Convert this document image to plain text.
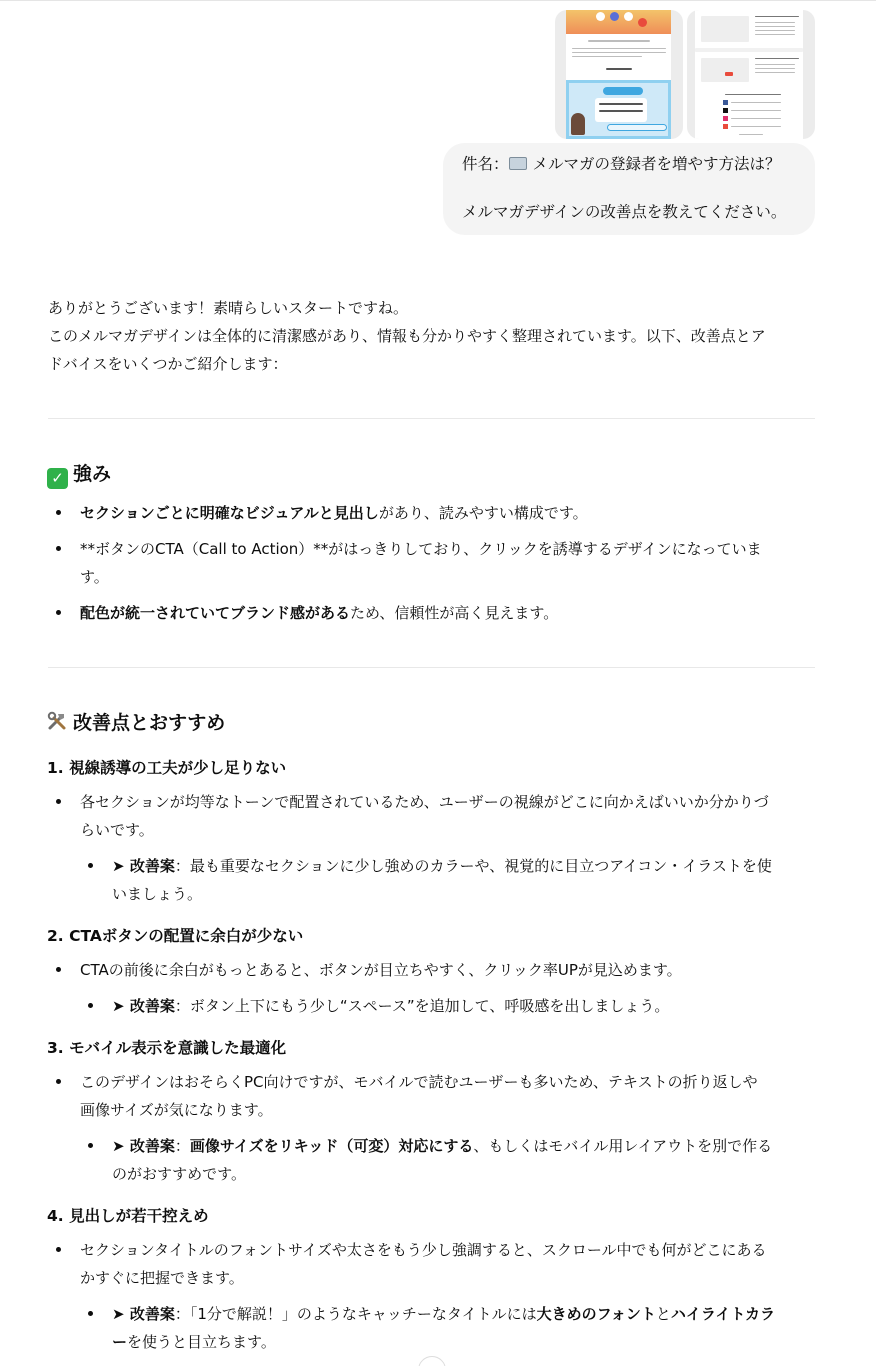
件名： メルマガの登録者を増やす方法は？
メルマガデザインの改善点を教えてください。
ありがとうございます！素晴らしいスタートですね。
このメルマガデザインは全体的に清潔感があり、情報も分かりやすく整理されています。以下、改善点とア
ドバイスをいくつかご紹介します：
✓ 強み
セクションごとに明確なビジュアルと見出しがあり、読みやすい構成です。
**ボタンのCTA（Call to Action）**がはっきりしており、クリックを誘導するデザインになっていま
す。
配色が統一されていてブランド感があるため、信頼性が高く見えます。
改善点とおすすめ
1. 視線誘導の工夫が少し足りない
各セクションが均等なトーンで配置されているため、ユーザーの視線がどこに向かえばいいか分かりづ
らいです。
➤ 改善案：最も重要なセクションに少し強めのカラーや、視覚的に目立つアイコン・イラストを使
いましょう。
2. CTAボタンの配置に余白が少ない
CTAの前後に余白がもっとあると、ボタンが目立ちやすく、クリック率UPが見込めます。
➤ 改善案：ボタン上下にもう少し“スペース”を追加して、呼吸感を出しましょう。
3. モバイル表示を意識した最適化
このデザインはおそらくPC向けですが、モバイルで読むユーザーも多いため、テキストの折り返しや
画像サイズが気になります。
➤ 改善案：画像サイズをリキッド（可変）対応にする、もしくはモバイル用レイアウトを別で作る
のがおすすめです。
4. 見出しが若干控えめ
セクションタイトルのフォントサイズや太さをもう少し強調すると、スクロール中でも何がどこにある
かすぐに把握できます。
➤ 改善案：「1分で解説！」のようなキャッチーなタイトルには大きめのフォントとハイライトカラ
ーを使うと目立ちます。
